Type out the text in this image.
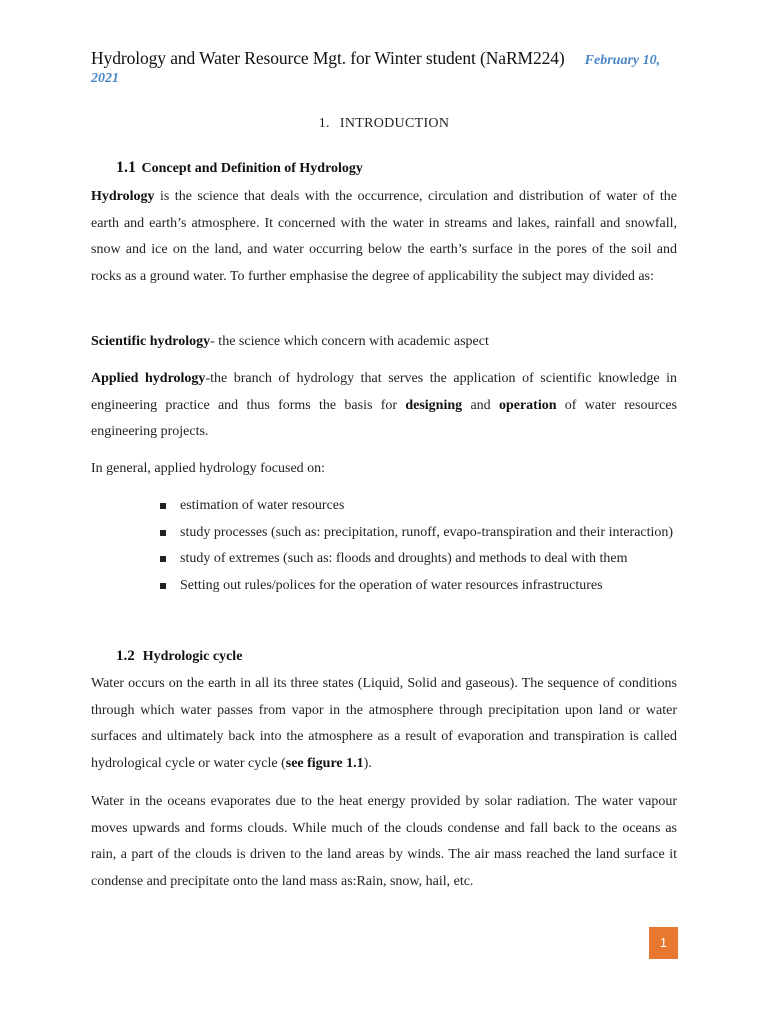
Hydrology and Water Resource Mgt. for Winter student (NaRM224) February 10,
2021
1. INTRODUCTION
1.1 Concept and Definition of Hydrology
Hydrology is the science that deals with the occurrence, circulation and distribution of water of the earth and earth’s atmosphere. It concerned with the water in streams and lakes, rainfall and snowfall, snow and ice on the land, and water occurring below the earth’s surface in the pores of the soil and rocks as a ground water. To further emphasise the degree of applicability the subject may divided as:
Scientific hydrology- the science which concern with academic aspect
Applied hydrology-the branch of hydrology that serves the application of scientific knowledge in engineering practice and thus forms the basis for designing and operation of water resources engineering projects.
In general, applied hydrology focused on:
estimation of water resources
study processes (such as: precipitation, runoff, evapo-transpiration and their interaction)
study of extremes (such as: floods and droughts) and methods to deal with them
Setting out rules/polices for the operation of water resources infrastructures
1.2 Hydrologic cycle
Water occurs on the earth in all its three states (Liquid, Solid and gaseous). The sequence of conditions through which water passes from vapor in the atmosphere through precipitation upon land or water surfaces and ultimately back into the atmosphere as a result of evaporation and transpiration is called hydrological cycle or water cycle (see figure 1.1).
Water in the oceans evaporates due to the heat energy provided by solar radiation. The water vapour moves upwards and forms clouds. While much of the clouds condense and fall back to the oceans as rain, a part of the clouds is driven to the land areas by winds. The air mass reached the land surface it condense and precipitate onto the land mass as:Rain, snow, hail, etc.
1
